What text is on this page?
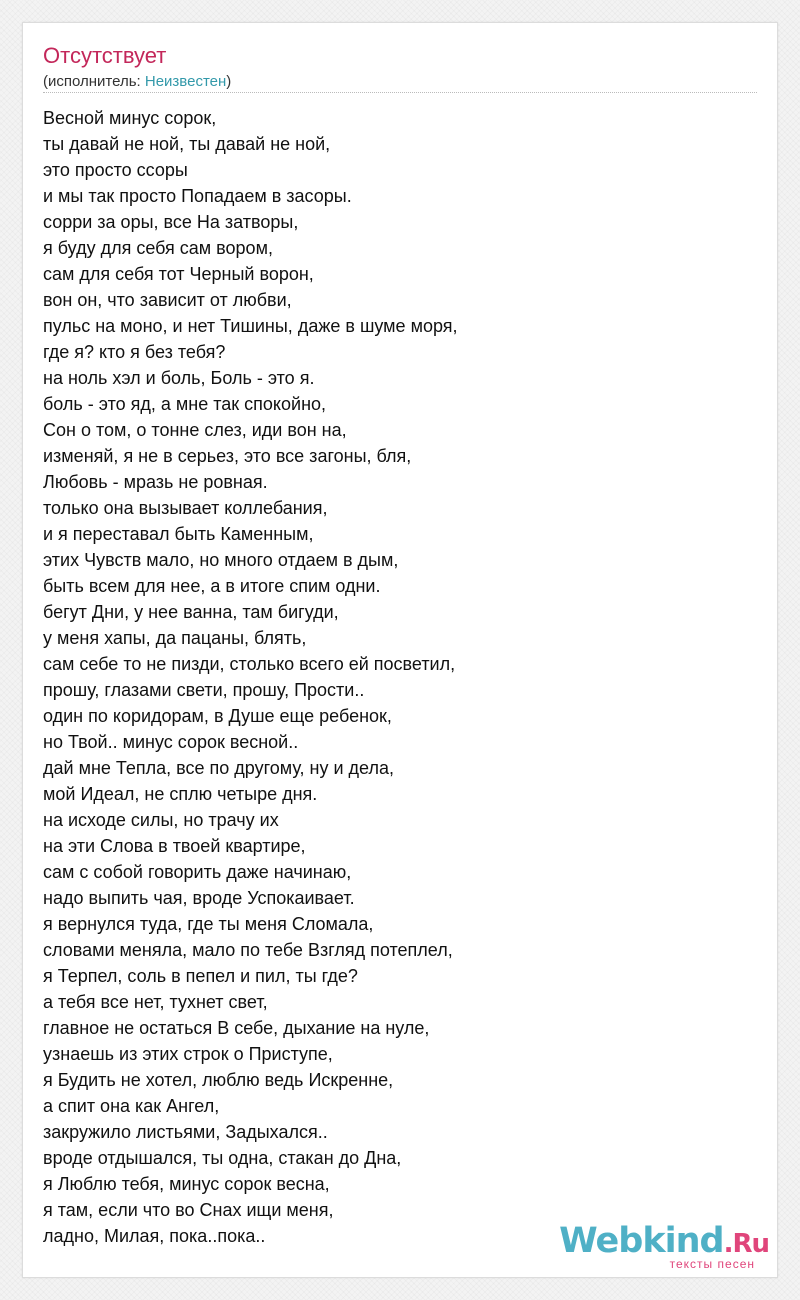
Отсутствует
(исполнитель: Неизвестен)
Весной минус сорок,
ты давай не ной, ты давай не ной,
это просто ссоры
и мы так просто Попадаем в засоры.
сорри за оры, все На затворы,
я буду для себя сам вором,
сам для себя тот Черный ворон,
вон он, что зависит от любви,
пульс на моно, и нет Тишины, даже в шуме моря,
где я? кто я без тебя?
на ноль хэл и боль, Боль - это я.
боль - это яд, а мне так спокойно,
Сон о том, о тонне слез, иди вон на,
изменяй, я не в серьез, это все загоны, бля,
Любовь - мразь не ровная.
только она вызывает коллебания,
и я переставал быть Каменным,
этих Чувств мало, но много отдаем в дым,
быть всем для нее, а в итоге спим одни.
бегут Дни, у нее ванна, там бигуди,
у меня хапы, да пацаны, блять,
сам себе то не пизди, столько всего ей посветил,
прошу, глазами свети, прошу, Прости..
один по коридорам, в Душе еще ребенок,
но Твой.. минус сорок весной..
дай мне Тепла, все по другому, ну и дела,
мой Идеал, не сплю четыре дня.
на исходе силы, но трачу их
на эти Слова в твоей квартире,
сам с собой говорить даже начинаю,
надо выпить чая, вроде Успокаивает.
я вернулся туда, где ты меня Сломала,
словами меняла, мало по тебе Взгляд потеплел,
я Терпел, соль в пепел и пил, ты где?
а тебя все нет, тухнет свет,
главное не остаться В себе, дыхание на нуле,
узнаешь из этих строк о Приступе,
я Будить не хотел, люблю ведь Искренне,
а спит она как Ангел,
закружило листьями, Задыхался..
вроде отдышался, ты одна, стакан до Дна,
я Люблю тебя, минус сорок весна,
я там, если что во Снах ищи меня,
ладно, Милая, пока..пока..	Webkind.Ru
тексты песен
